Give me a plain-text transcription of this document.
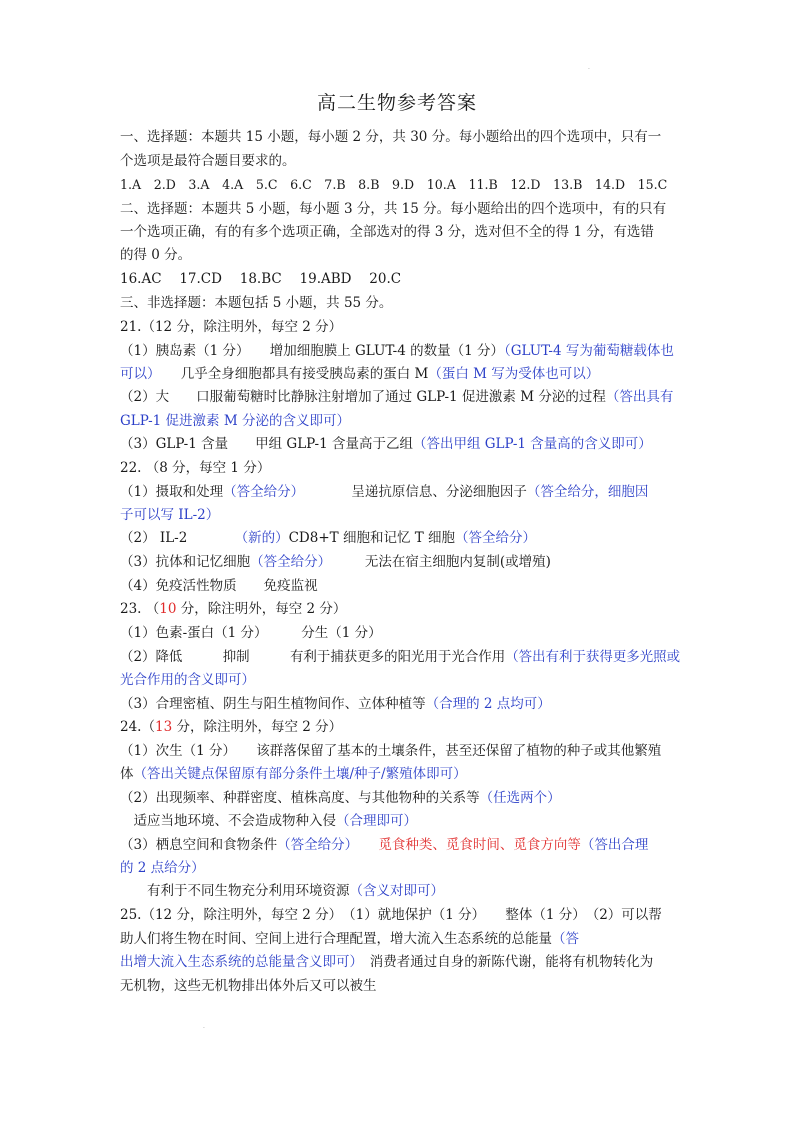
·
·
高二生物参考答案
一、选择题：本题共 15 小题，每小题 2 分，共 30 分。每小题给出的四个选项中，只有一
个选项是最符合题目要求的。
1.A　2.D　3.A　4.A　5.C　6.C　7.B　8.B　9.D　10.A　11.B　12.D　13.B　14.D　15.C
二、选择题：本题共 5 小题，每小题 3 分，共 15 分。每小题给出的四个选项中，有的只有
一个选项正确，有的有多个选项正确，全部选对的得 3 分，选对但不全的得 1 分，有选错
的得 0 分。
16.AC　 17.CD　 18.BC　 19.ABD　 20.C
三、非选择题：本题包括 5 小题，共 55 分。
21.（12 分，除注明外，每空 2 分）
（1）胰岛素（1 分）　　增加细胞膜上 GLUT-4 的数量（1 分）（GLUT-4 写为葡萄糖载体也
可以）　　几乎全身细胞都具有接受胰岛素的蛋白 M（蛋白 M 写为受体也可以）
（2）大　　口服葡萄糖时比静脉注射增加了通过 GLP-1 促进激素 M 分泌的过程（答出具有
GLP-1 促进激素 M 分泌的含义即可）
（3）GLP-1 含量　　甲组 GLP-1 含量高于乙组（答出甲组 GLP-1 含量高的含义即可）
22. （8 分，每空 1 分）
（1）摄取和处理（答全给分）　　　　呈递抗原信息、分泌细胞因子（答全给分，细胞因
子可以写 IL-2）
（2） IL-2　　　　（新的）CD8+T 细胞和记忆 T 细胞（答全给分）
（3）抗体和记忆细胞（答全给分）　　　无法在宿主细胞内复制(或增殖)
（4）免疫活性物质　　免疫监视
23. （10 分，除注明外，每空 2 分）
（1）色素-蛋白（1 分）　　　分生（1 分）
（2）降低　　　抑制　　　有利于捕获更多的阳光用于光合作用（答出有利于获得更多光照或
光合作用的含义即可）
（3）合理密植、阴生与阳生植物间作、立体种植等（合理的 2 点均可）
24.（13 分，除注明外，每空 2 分）
（1）次生（1 分）　　该群落保留了基本的土壤条件，甚至还保留了植物的种子或其他繁殖
体（答出关键点保留原有部分条件土壤/种子/繁殖体即可）
（2）出现频率、种群密度、植株高度、与其他物种的关系等（任选两个）
　适应当地环境、不会造成物种入侵（合理即可）
（3）栖息空间和食物条件（答全给分）　　觅食种类、觅食时间、觅食方向等（答出合理
的 2 点给分）
　　有利于不同生物充分利用环境资源（含义对即可）
25.（12 分，除注明外，每空 2 分）　（1）就地保护（1 分）　　整体（1 分）　（2）可以帮
助人们将生物在时间、空间上进行合理配置，增大流入生态系统的总能量（答
出增大流入生态系统的总能量含义即可）　消费者通过自身的新陈代谢，能将有机物转化为
无机物，这些无机物排出体外后又可以被生
